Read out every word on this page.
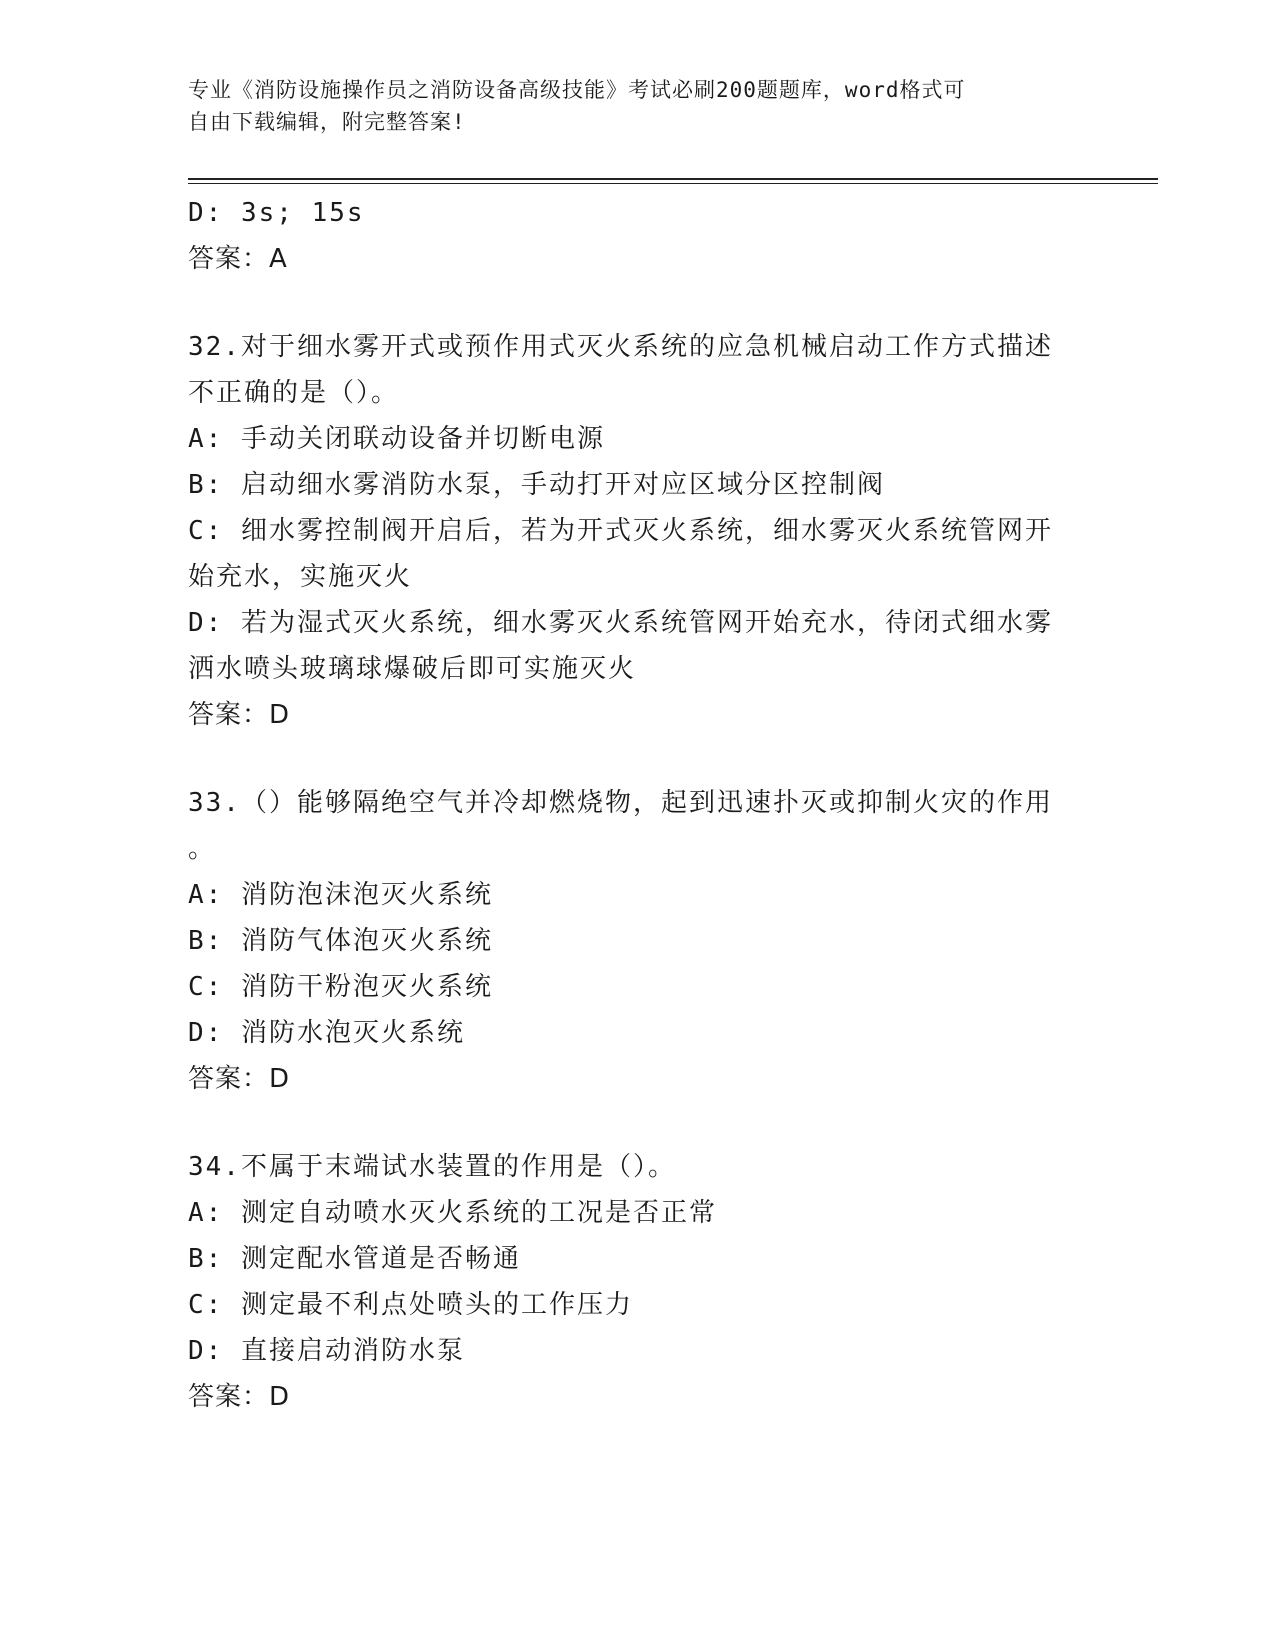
专业《消防设施操作员之消防设备高级技能》考试必刷200题题库，word格式可
自由下载编辑，附完整答案!
D: 3s; 15s
答案：A
32.对于细水雾开式或预作用式灭火系统的应急机械启动工作方式描述
不正确的是（）。
A: 手动关闭联动设备并切断电源
B: 启动细水雾消防水泵，手动打开对应区域分区控制阀
C: 细水雾控制阀开启后，若为开式灭火系统，细水雾灭火系统管网开
始充水，实施灭火
D: 若为湿式灭火系统，细水雾灭火系统管网开始充水，待闭式细水雾
洒水喷头玻璃球爆破后即可实施灭火
答案：D
33.（）能够隔绝空气并冷却燃烧物，起到迅速扑灭或抑制火灾的作用
。
A: 消防泡沫泡灭火系统
B: 消防气体泡灭火系统
C: 消防干粉泡灭火系统
D: 消防水泡灭火系统
答案：D
34.不属于末端试水装置的作用是（）。
A: 测定自动喷水灭火系统的工况是否正常
B: 测定配水管道是否畅通
C: 测定最不利点处喷头的工作压力
D: 直接启动消防水泵
答案：D
